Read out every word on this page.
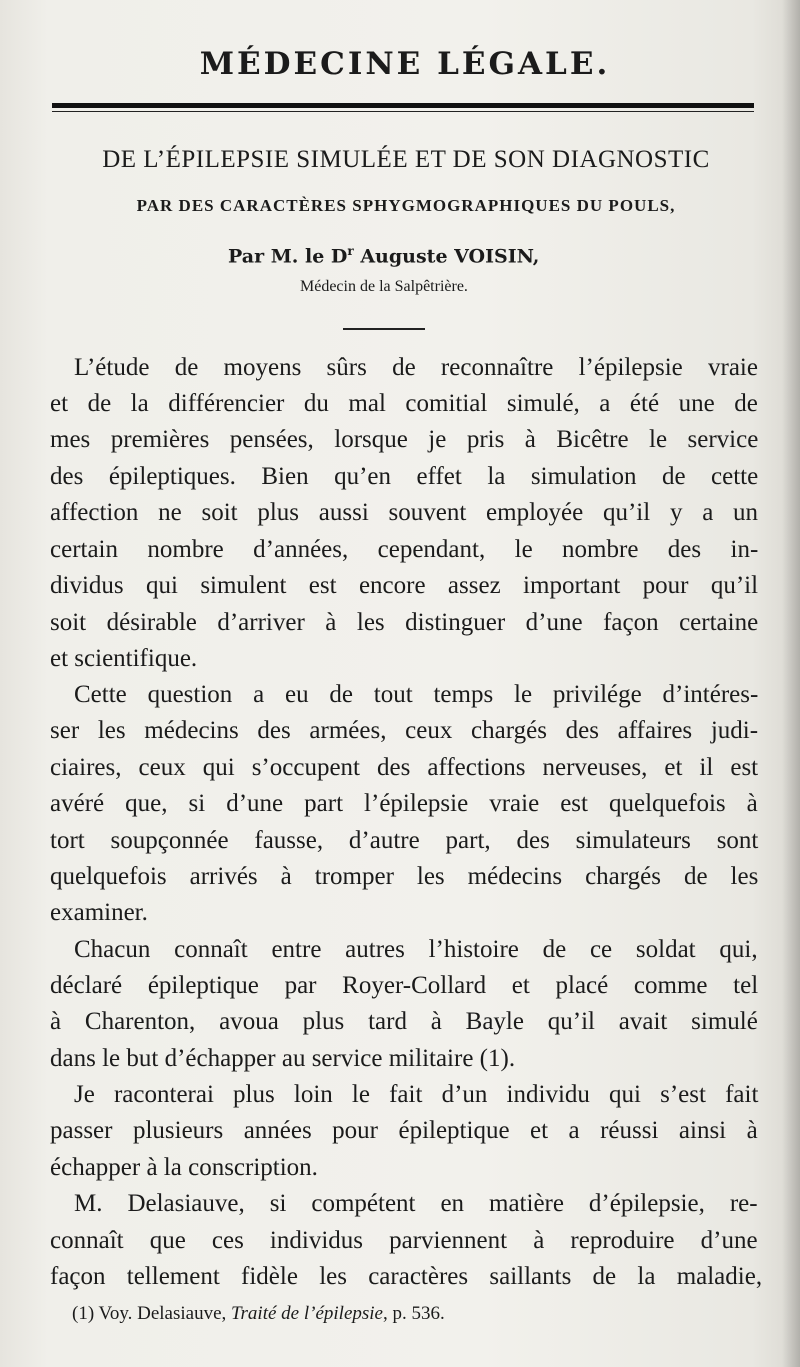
MÉDECINE LÉGALE.
DE L’ÉPILEPSIE SIMULÉE ET DE SON DIAGNOSTIC
PAR DES CARACTÈRES SPHYGMOGRAPHIQUES DU POULS,
Par M. le $D^r$ Auguste VOISIN,
Médecin de la Salpêtrière.
L’étude de moyens sûrs de reconnaître l’épilepsie vraie
et de la différencier du mal comitial simulé, a été une de
mes premières pensées, lorsque je pris à Bicêtre le service
des épileptiques. Bien qu’en effet la simulation de cette
affection ne soit plus aussi souvent employée qu’il y a un
certain nombre d’années, cependant, le nombre des in-
dividus qui simulent est encore assez important pour qu’il
soit désirable d’arriver à les distinguer d’une façon certaine
et scientifique.
Cette question a eu de tout temps le privilége d’intéres-
ser les médecins des armées, ceux chargés des affaires judi-
ciaires, ceux qui s’occupent des affections nerveuses, et il est
avéré que, si d’une part l’épilepsie vraie est quelquefois à
tort soupçonnée fausse, d’autre part, des simulateurs sont
quelquefois arrivés à tromper les médecins chargés de les
examiner.
Chacun connaît entre autres l’histoire de ce soldat qui,
déclaré épileptique par Royer-Collard et placé comme tel
à Charenton, avoua plus tard à Bayle qu’il avait simulé
dans le but d’échapper au service militaire (1).
Je raconterai plus loin le fait d’un individu qui s’est fait
passer plusieurs années pour épileptique et a réussi ainsi à
échapper à la conscription.
M. Delasiauve, si compétent en matière d’épilepsie, re-
connaît que ces individus parviennent à reproduire d’une
façon tellement fidèle les caractères saillants de la maladie,
(1) Voy. Delasiauve, Traité de l’épilepsie, p. 536.
